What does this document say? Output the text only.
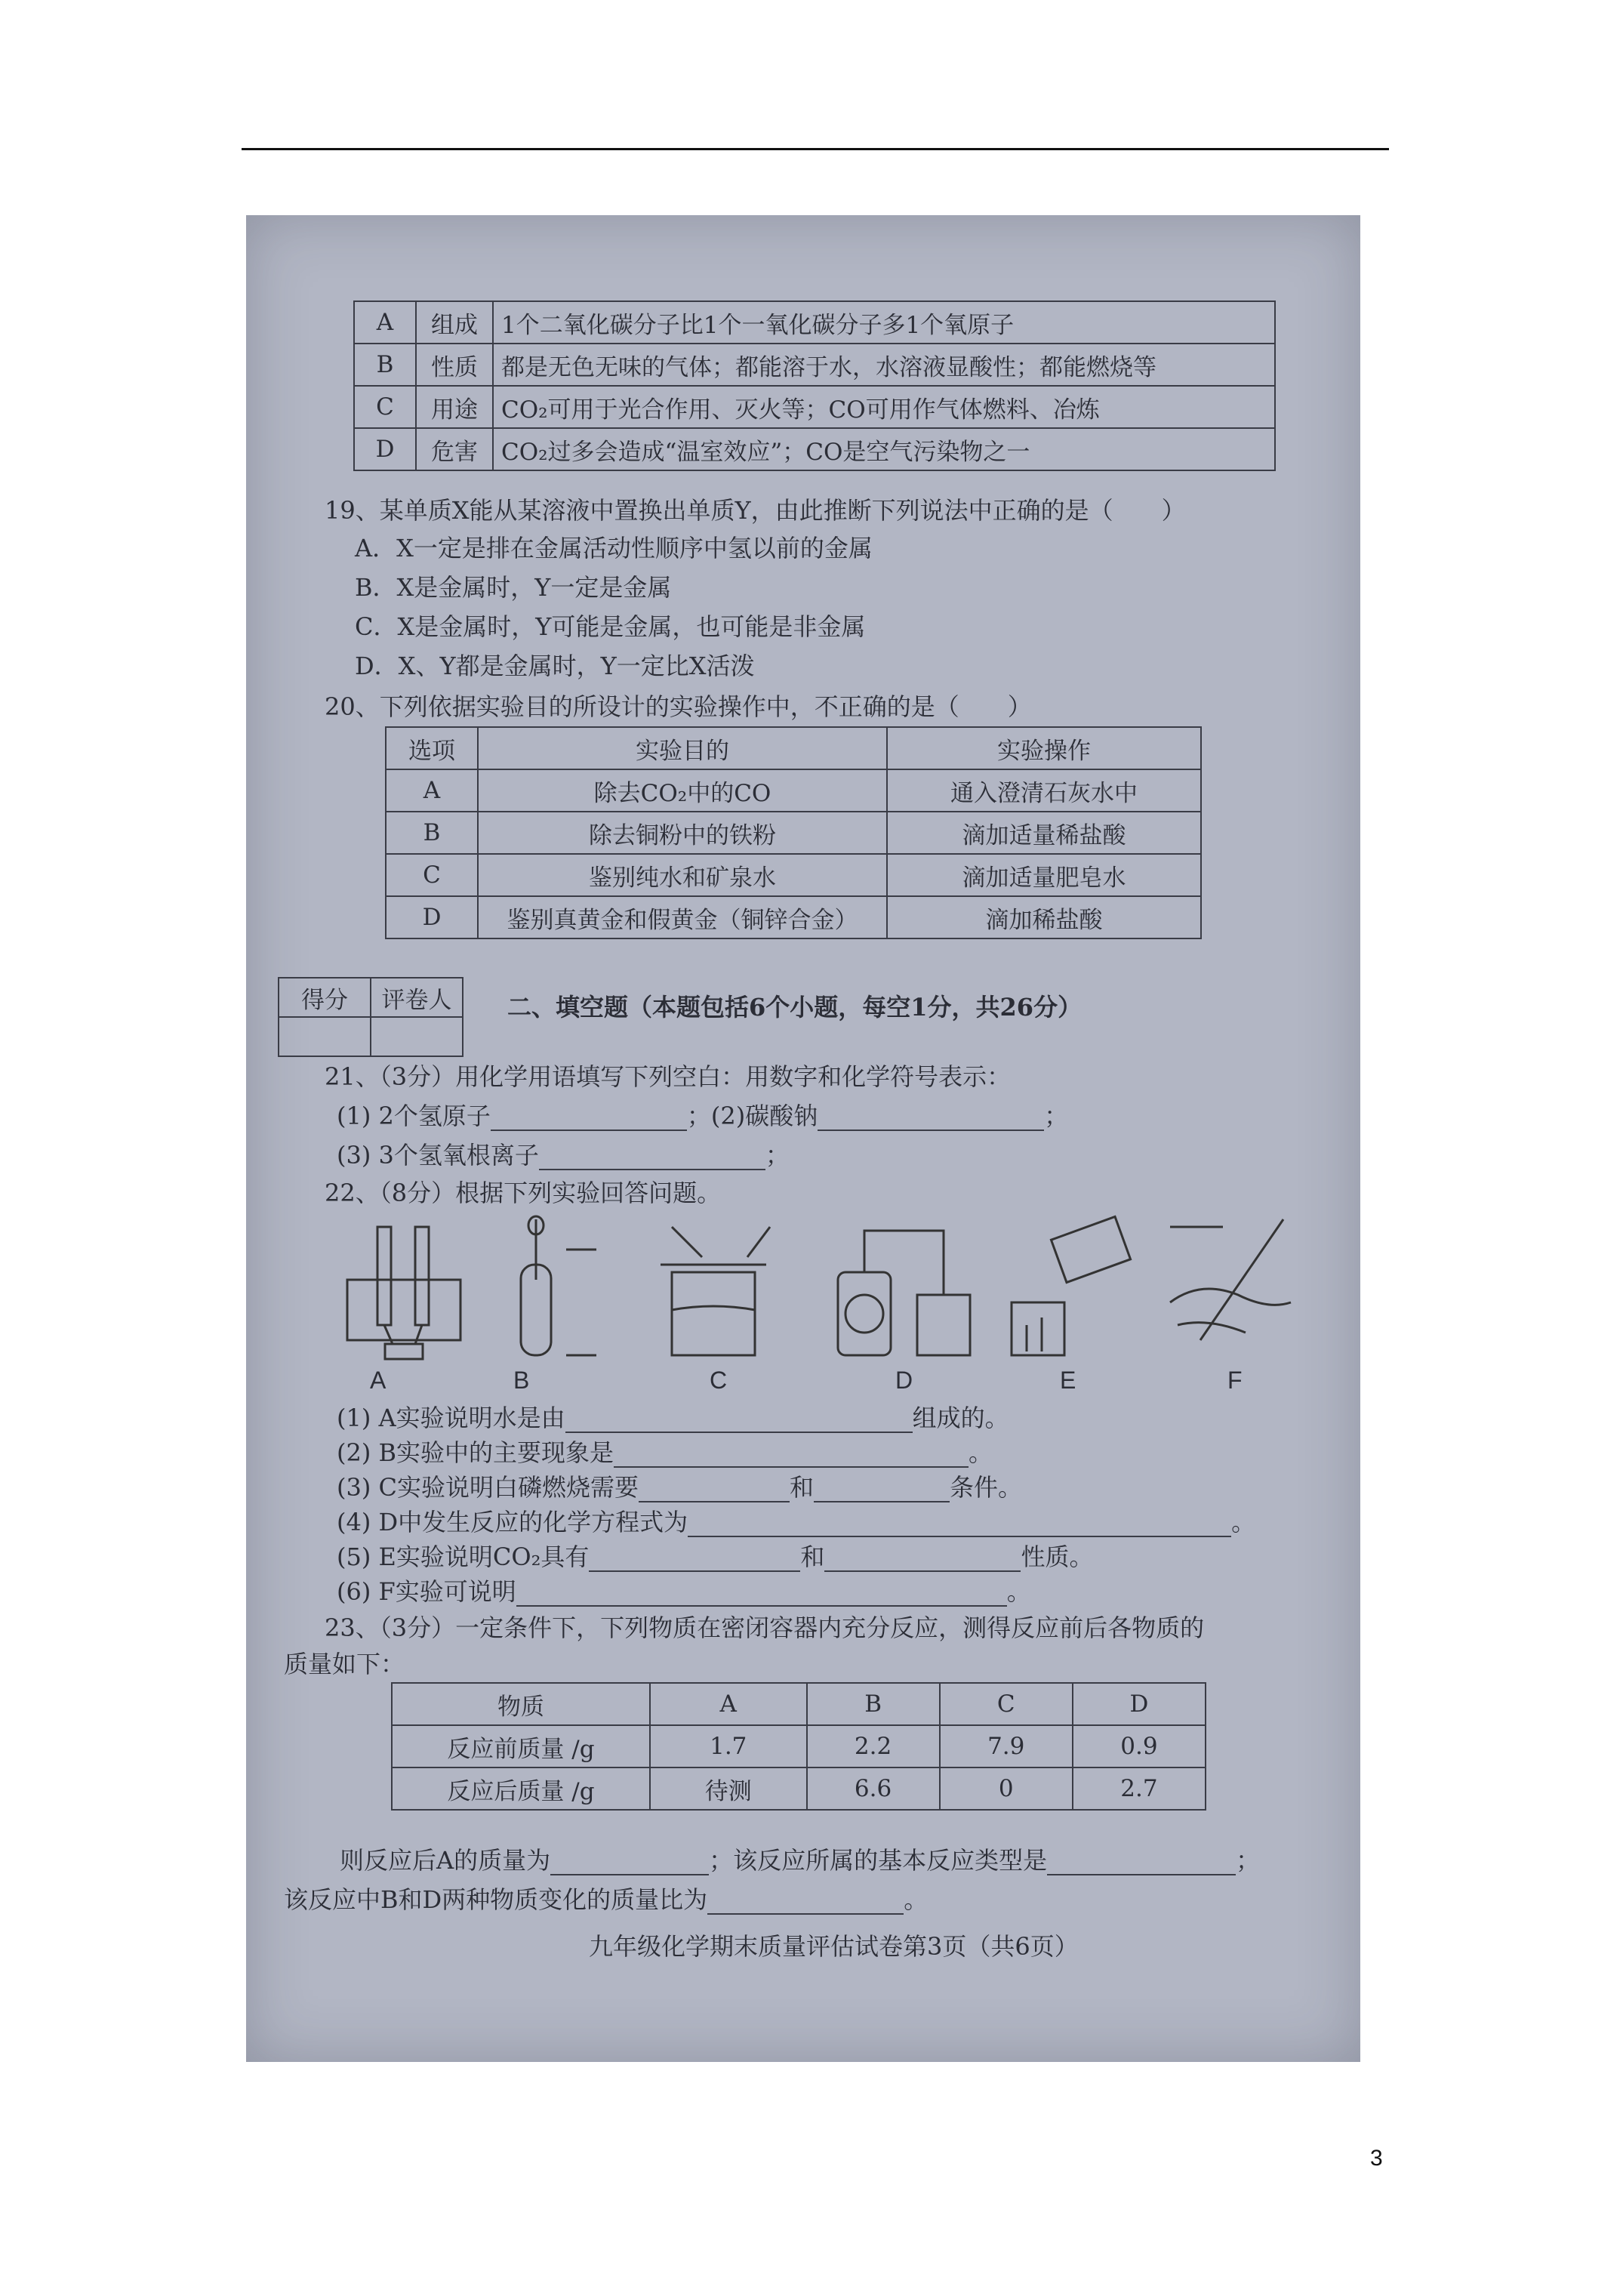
A	组成	1个二氧化碳分子比1个一氧化碳分子多1个氧原子
B	性质	都是无色无味的气体；都能溶于水，水溶液显酸性；都能燃烧等
C	用途	CO₂可用于光合作用、灭火等；CO可用作气体燃料、冶炼
D	危害	CO₂过多会造成“温室效应”；CO是空气污染物之一
19、某单质X能从某溶液中置换出单质Y，由此推断下列说法中正确的是（　　）
A．X一定是排在金属活动性顺序中氢以前的金属
B．X是金属时，Y一定是金属
C．X是金属时，Y可能是金属，也可能是非金属
D．X、Y都是金属时，Y一定比X活泼
20、下列依据实验目的所设计的实验操作中，不正确的是（　　）
选项	实验目的	实验操作
A	除去CO₂中的CO	通入澄清石灰水中
B	除去铜粉中的铁粉	滴加适量稀盐酸
C	鉴别纯水和矿泉水	滴加适量肥皂水
D	鉴别真黄金和假黄金（铜锌合金）	滴加稀盐酸
得分	评卷人
	二、填空题（本题包括6个小题，每空1分，共26分）
21、（3分）用化学用语填写下列空白：用数字和化学符号表示：
(1) 2个氢原子	；(2)碳酸钠	；
(3) 3个氢氧根离子	；
22、（8分）根据下列实验回答问题。
A	B	C	D	E	F
(1) A实验说明水是由	组成的。
(2) B实验中的主要现象是	。
(3) C实验说明白磷燃烧需要	和	条件。
(4) D中发生反应的化学方程式为	。
(5) E实验说明CO₂具有	和	性质。
(6) F实验可说明	。
23、（3分）一定条件下，下列物质在密闭容器内充分反应，测得反应前后各物质的
质量如下：
物质	A	B	C	D
反应前质量 /g	1.7	2.2	7.9	0.9
反应后质量 /g	待测	6.6	0	2.7
则反应后A的质量为	；该反应所属的基本反应类型是	；
该反应中B和D两种物质变化的质量比为	。
九年级化学期末质量评估试卷第3页（共6页）
3
